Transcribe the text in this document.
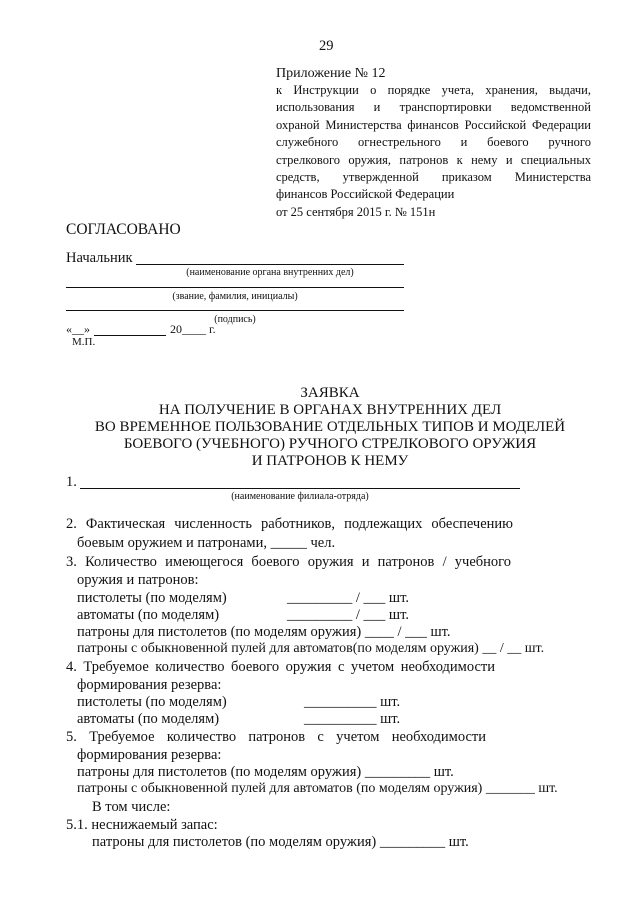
29
Приложение № 12
к Инструкции о порядке учета, хранения, выдачи,
использования и транспортировки ведомственной
охраной Министерства финансов Российской Федерации
служебного огнестрельного и боевого ручного
стрелкового оружия, патронов к нему и специальных
средств, утвержденной приказом Министерства
финансов Российской Федерации
от 25 сентября 2015 г. № 151н
СОГЛАСОВАНО
Начальник
(наименование органа внутренних дел)
(звание, фамилия, инициалы)
(подпись)
«__»	20____ г.
М.П.
ЗАЯВКА
НА ПОЛУЧЕНИЕ В ОРГАНАХ ВНУТРЕННИХ ДЕЛ
ВО ВРЕМЕННОЕ ПОЛЬЗОВАНИЕ ОТДЕЛЬНЫХ ТИПОВ И МОДЕЛЕЙ
БОЕВОГО (УЧЕБНОГО) РУЧНОГО СТРЕЛКОВОГО ОРУЖИЯ
И ПАТРОНОВ К НЕМУ
1.
(наименование филиала-отряда)
2. Фактическая численность работников, подлежащих обеспечению
боевым оружием и патронами, _____ чел.
3. Количество имеющегося боевого оружия и патронов / учебного
оружия и патронов:
пистолеты (по моделям)	_________ / ___ шт.
автоматы (по моделям)	_________ / ___ шт.
патроны для пистолетов (по моделям оружия) ____ / ___ шт.
патроны с обыкновенной пулей для автоматов(по моделям оружия) __ / __ шт.
4. Требуемое количество боевого оружия с учетом необходимости
формирования резерва:
пистолеты (по моделям)	__________ шт.
автоматы (по моделям)	__________ шт.
5. Требуемое количество патронов с учетом необходимости
формирования резерва:
патроны для пистолетов (по моделям оружия) _________ шт.
патроны с обыкновенной пулей для автоматов (по моделям оружия) _______ шт.
В том числе:
5.1. неснижаемый запас:
патроны для пистолетов (по моделям оружия) _________ шт.
